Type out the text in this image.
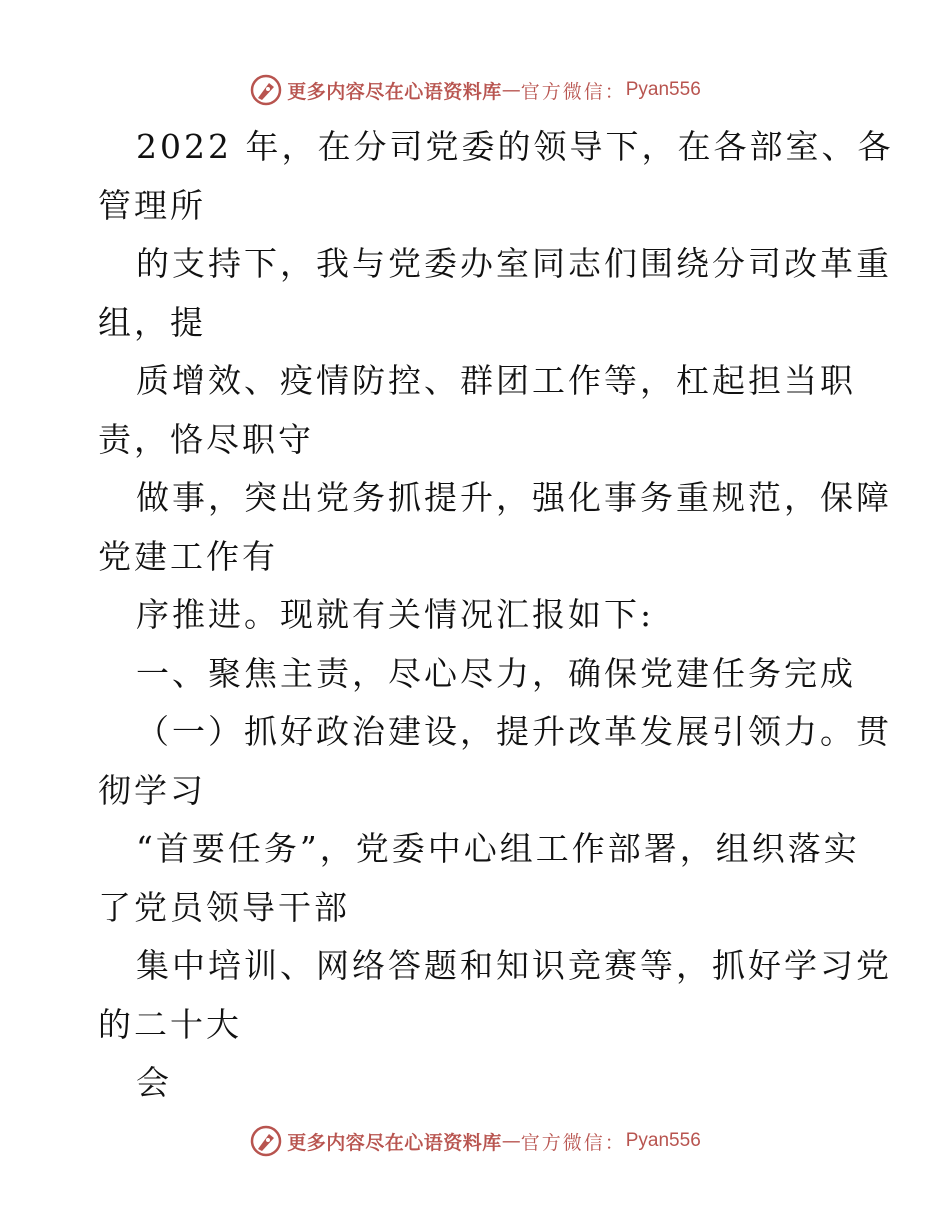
更多内容尽在心语资料库 — 官方微信： Pyan556
2022 年，在分司党委的领导下，在各部室、各
管理所
的支持下，我与党委办室同志们围绕分司改革重
组，提
质增效、疫情防控、群团工作等，杠起担当职
责，恪尽职守
做事，突出党务抓提升，强化事务重规范，保障
党建工作有
序推进。现就有关情况汇报如下:
一、聚焦主责，尽心尽力，确保党建任务完成
（一）抓好政治建设，提升改革发展引领力。贯
彻学习
“首要任务”，党委中心组工作部署，组织落实
了党员领导干部
集中培训、网络答题和知识竞赛等，抓好学习党
的二十大
会
更多内容尽在心语资料库 — 官方微信： Pyan556
